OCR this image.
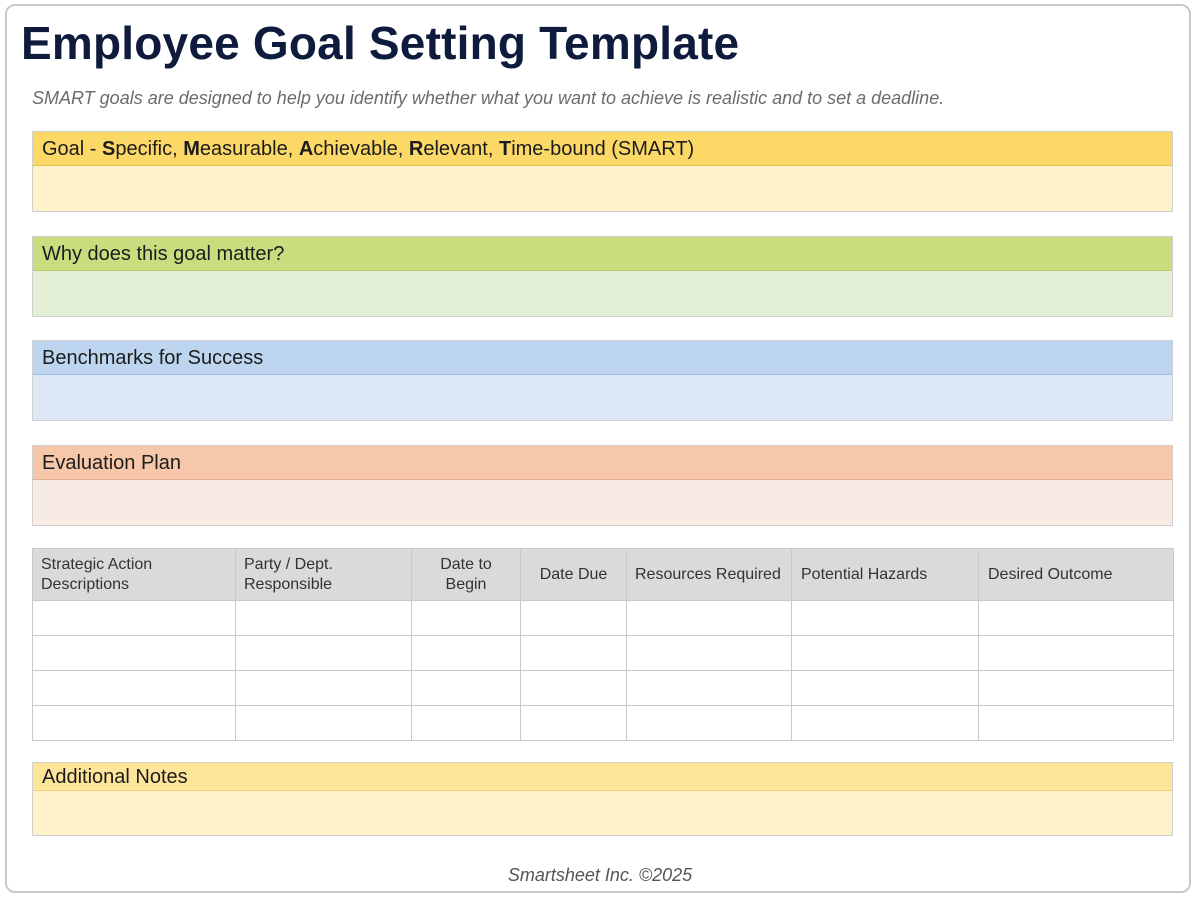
Employee Goal Setting Template
SMART goals are designed to help you identify whether what you want to achieve is realistic and to set a deadline.
Goal - Specific, Measurable, Achievable, Relevant, Time-bound (SMART)
Why does this goal matter?
Benchmarks for Success
Evaluation Plan
Strategic Action Descriptions	Party / Dept. Responsible	Date to Begin	Date Due	Resources Required	Potential Hazards	Desired Outcome

Additional Notes
Smartsheet Inc. ©2025
